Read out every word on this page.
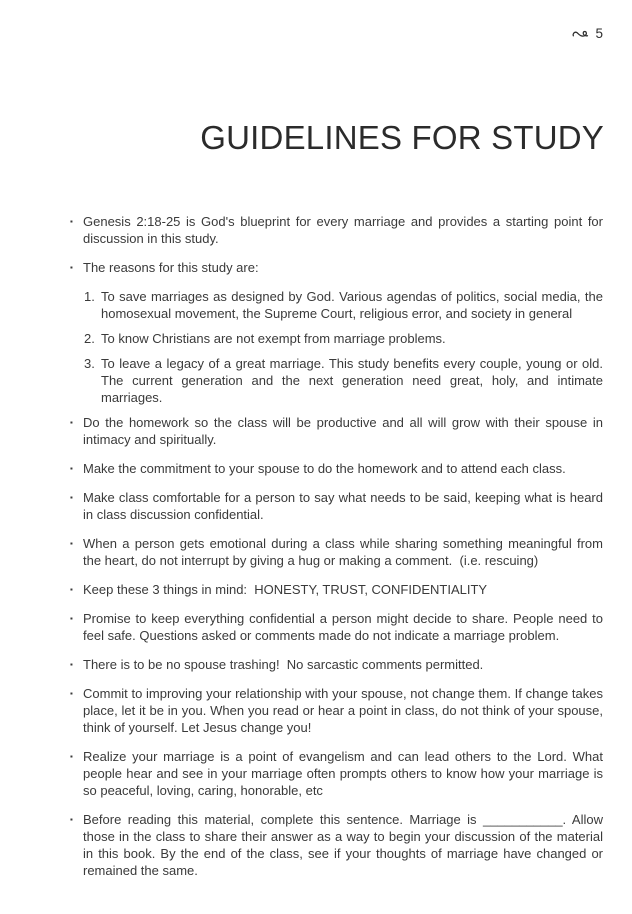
5
GUIDELINES FOR STUDY
▪ Genesis 2:18-25 is God's blueprint for every marriage and provides a starting point for discussion in this study.
▪ The reasons for this study are:
1. To save marriages as designed by God. Various agendas of politics, social media, the homosexual movement, the Supreme Court, religious error, and society in general
2. To know Christians are not exempt from marriage problems.
3. To leave a legacy of a great marriage. This study benefits every couple, young or old. The current generation and the next generation need great, holy, and intimate marriages.
▪ Do the homework so the class will be productive and all will grow with their spouse in intimacy and spiritually.
▪ Make the commitment to your spouse to do the homework and to attend each class.
▪ Make class comfortable for a person to say what needs to be said, keeping what is heard in class discussion confidential.
▪ When a person gets emotional during a class while sharing something meaningful from the heart, do not interrupt by giving a hug or making a comment.  (i.e. rescuing)
▪ Keep these 3 things in mind:  HONESTY, TRUST, CONFIDENTIALITY
▪ Promise to keep everything confidential a person might decide to share. People need to feel safe. Questions asked or comments made do not indicate a marriage problem.
▪ There is to be no spouse trashing!  No sarcastic comments permitted.
▪ Commit to improving your relationship with your spouse, not change them. If change takes place, let it be in you. When you read or hear a point in class, do not think of your spouse, think of yourself. Let Jesus change you!
▪ Realize your marriage is a point of evangelism and can lead others to the Lord. What people hear and see in your marriage often prompts others to know how your marriage is so peaceful, loving, caring, honorable, etc
▪ Before reading this material, complete this sentence. Marriage is ___________. Allow those in the class to share their answer as a way to begin your discussion of the material in this book. By the end of the class, see if your thoughts of marriage have changed or remained the same.
